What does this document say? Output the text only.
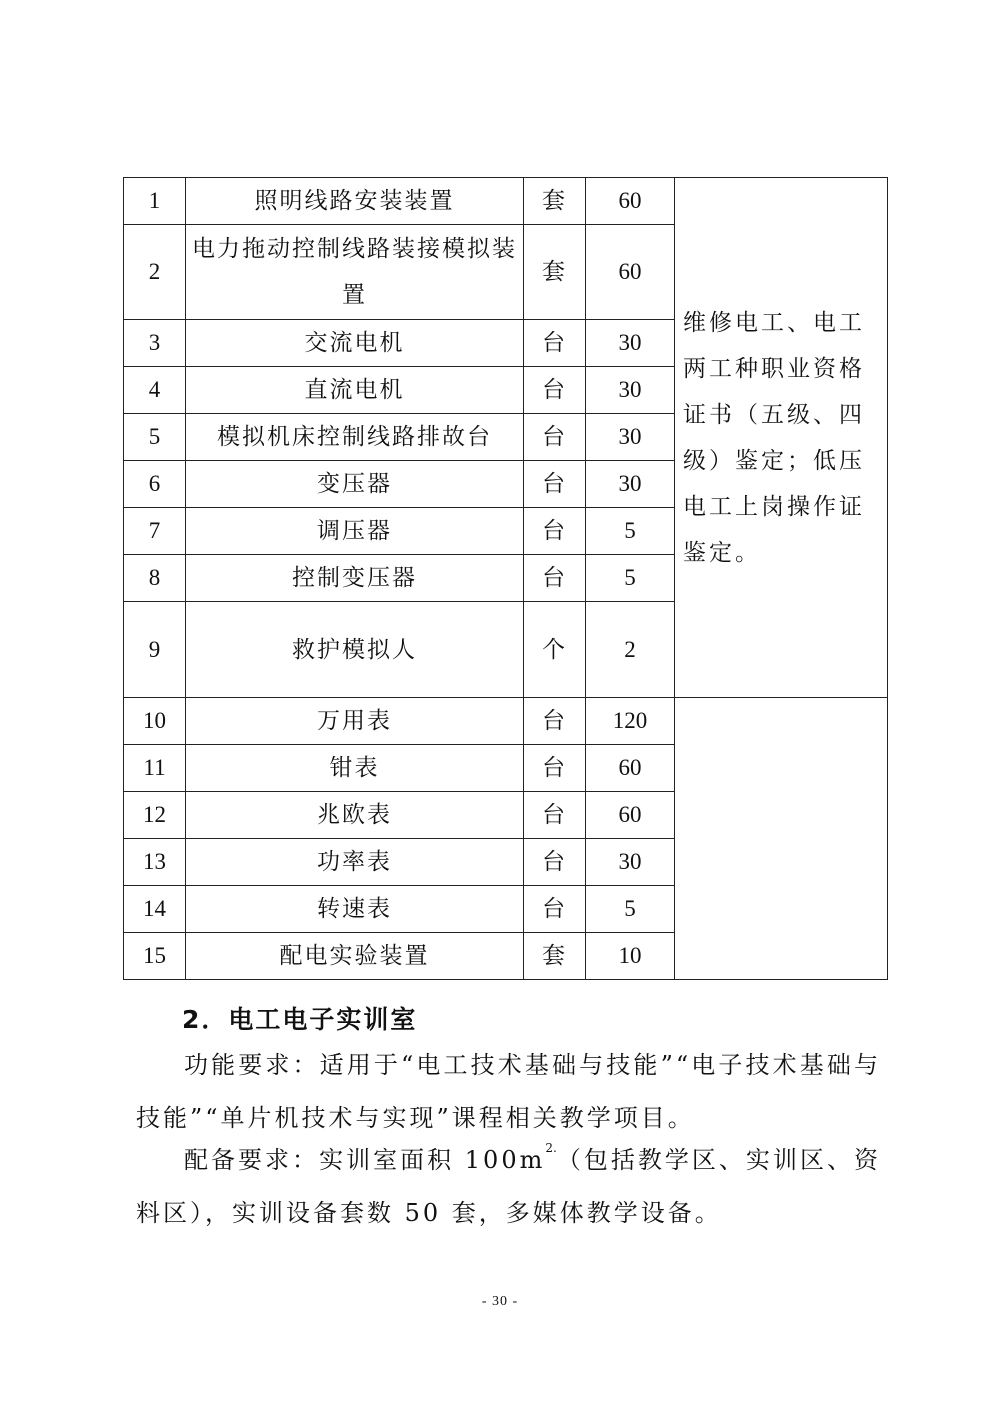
1	照明线路安装装置	套	60	维修电工、电工两工种职业资格证书（五级、四级）鉴定；低压电工上岗操作证鉴定。
2	电力拖动控制线路装接模拟装置	套	60	
3	交流电机	台	30	
4	直流电机	台	30	
5	模拟机床控制线路排故台	台	30	
6	变压器	台	30	
7	调压器	台	5	
8	控制变压器	台	5	
9	救护模拟人	个	2	
10	万用表	台	120	
11	钳表	台	60	
12	兆欧表	台	60	
13	功率表	台	30	
14	转速表	台	5	
15	配电实验装置	套	10	
2．电工电子实训室
功能要求：适用于“电工技术基础与技能”“电子技术基础与技能”“单片机技术与实现”课程相关教学项目。
配备要求：实训室面积 $100m^{2.}$（包括教学区、实训区、资料区），实训设备套数 50 套，多媒体教学设备。
- 30 -
